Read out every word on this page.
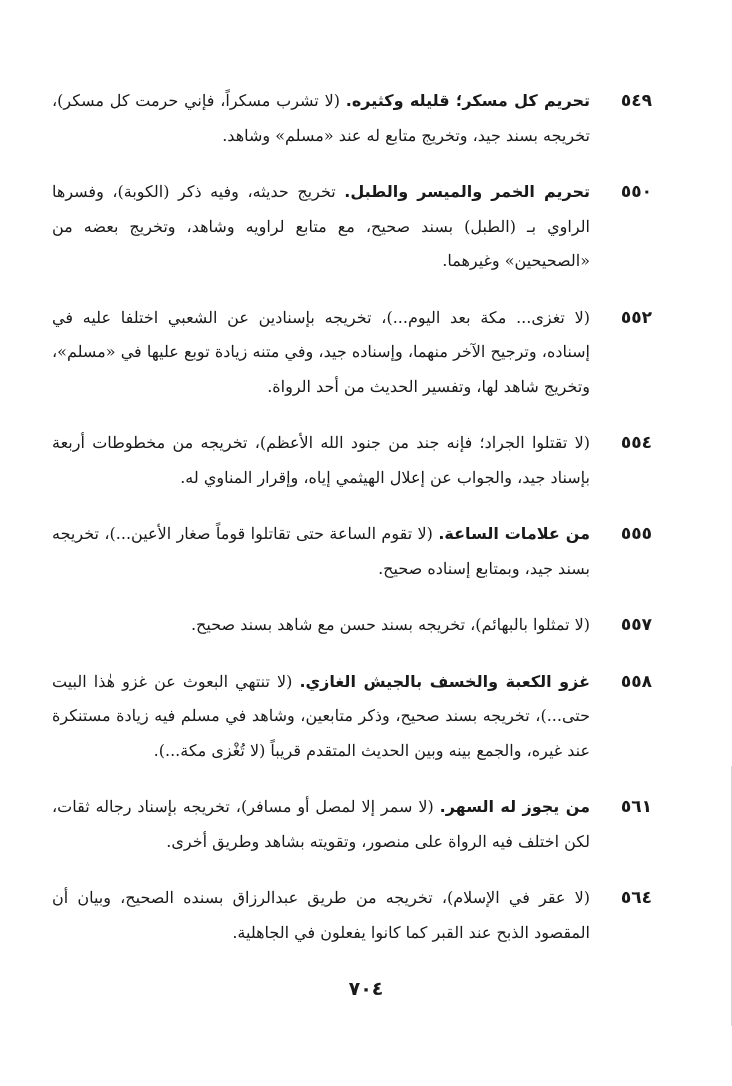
٥٤٩
تحريم كل مسكر؛ قليله وكثيره. (لا تشرب مسكراً، فإني حرمت كل مسكر)، تخريجه بسند جيد، وتخريج متابع له عند «مسلم» وشاهد.
٥٥٠
تحريم الخمر والميسر والطبل. تخريج حديثه، وفيه ذكر (الكوبة)، وفسرها الراوي بـ (الطبل) بسند صحيح، مع متابع لراويه وشاهد، وتخريج بعضه من «الصحيحين» وغيرهما.
٥٥٢
(لا تغزى... مكة بعد اليوم...)، تخريجه بإسنادين عن الشعبي اختلفا عليه في إسناده، وترجيح الآخر منهما، وإسناده جيد، وفي متنه زيادة توبع عليها في «مسلم»، وتخريج شاهد لها، وتفسير الحديث من أحد الرواة.
٥٥٤
(لا تقتلوا الجراد؛ فإنه جند من جنود الله الأعظم)، تخريجه من مخطوطات أربعة بإسناد جيد، والجواب عن إعلال الهيثمي إياه، وإقرار المناوي له.
٥٥٥
من علامات الساعة. (لا تقوم الساعة حتى تقاتلوا قوماً صغار الأعين...)، تخريجه بسند جيد، وبمتابع إسناده صحيح.
٥٥٧
(لا تمثلوا بالبهائم)، تخريجه بسند حسن مع شاهد بسند صحيح.
٥٥٨
غزو الكعبة والخسف بالجيش الغازي. (لا تنتهي البعوث عن غزو هٰذا البيت حتى...)، تخريجه بسند صحيح، وذكر متابعين، وشاهد في مسلم فيه زيادة مستنكرة عند غيره، والجمع بينه وبين الحديث المتقدم قريباً (لا تُغْزى مكة...).
٥٦١
من يجوز له السهر. (لا سمر إلا لمصل أو مسافر)، تخريجه بإسناد رجاله ثقات، لكن اختلف فيه الرواة على منصور، وتقويته بشاهد وطريق أخرى.
٥٦٤
(لا عقر في الإسلام)، تخريجه من طريق عبدالرزاق بسنده الصحيح، وبيان أن المقصود الذبح عند القبر كما كانوا يفعلون في الجاهلية.
٧٠٤
